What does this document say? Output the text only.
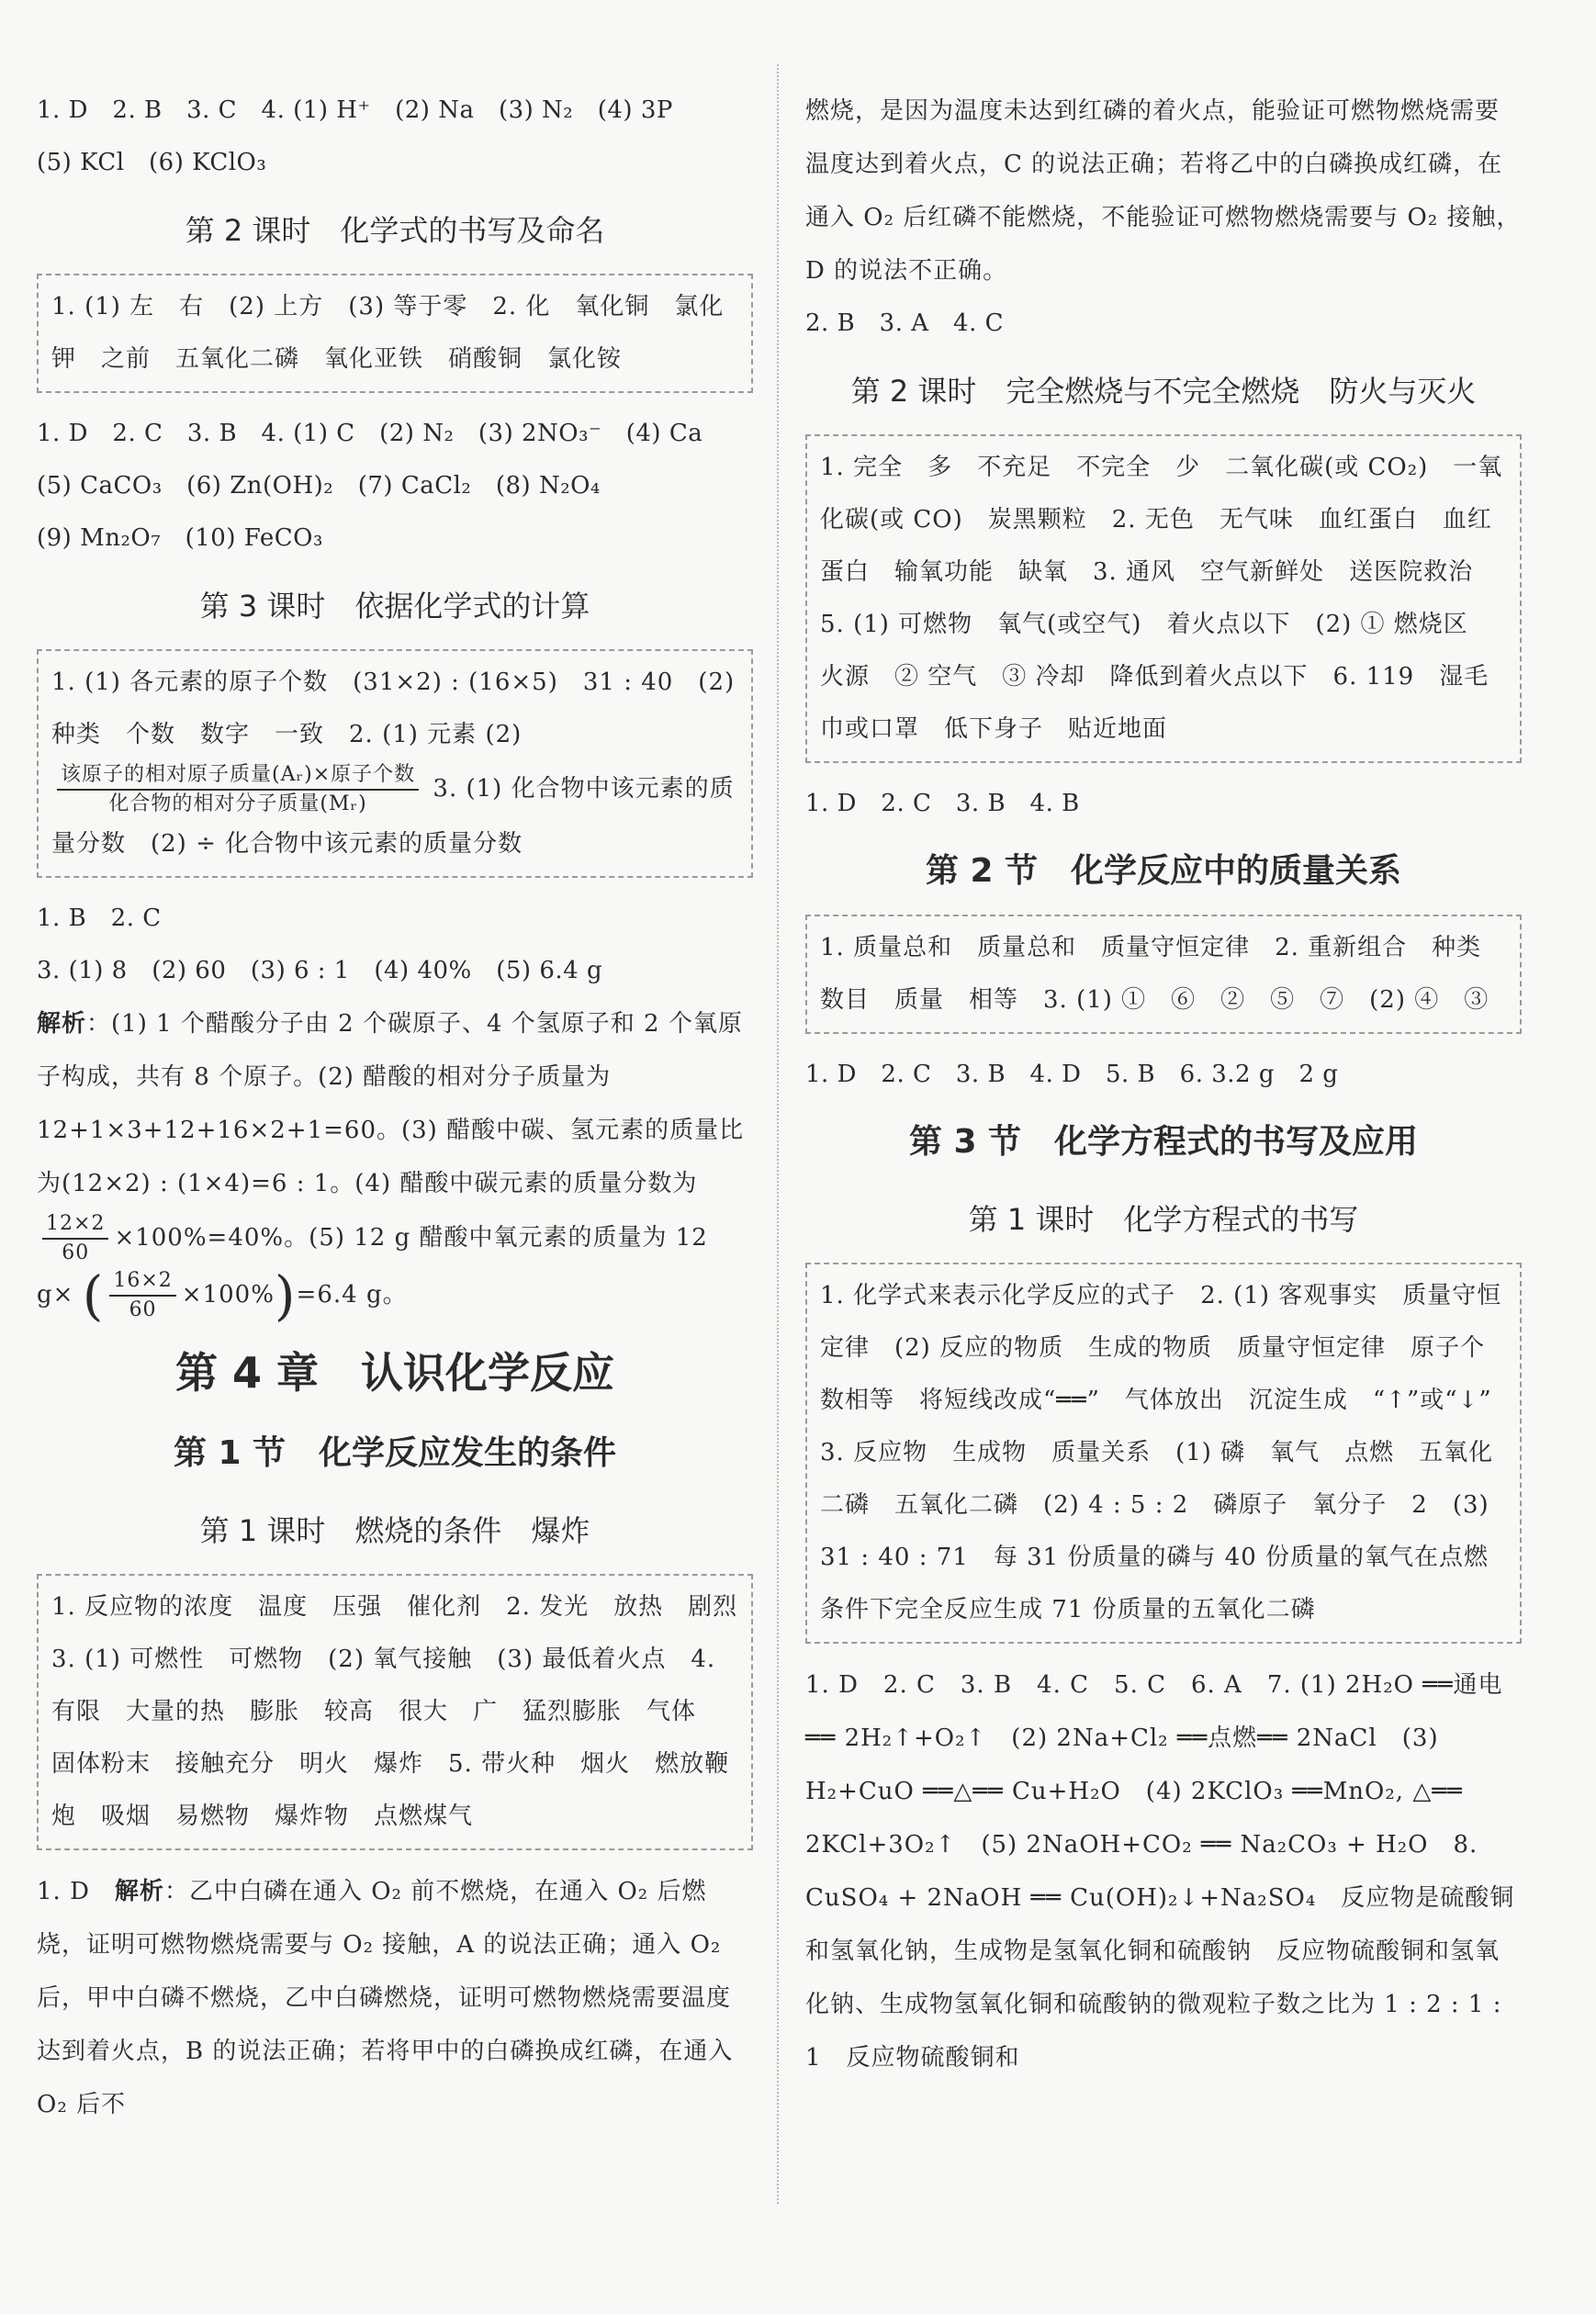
1. D　2. B　3. C　4. (1) H⁺　(2) Na　(3) N₂　(4) 3P
(5) KCl　(6) KClO₃
第 2 课时　化学式的书写及命名
1. (1) 左　右　(2) 上方　(3) 等于零　2. 化　氧化铜　氯化钾　之前　五氧化二磷　氧化亚铁　硝酸铜　氯化铵
1. D　2. C　3. B　4. (1) C　(2) N₂　(3) 2NO₃⁻　(4) Ca
(5) CaCO₃　(6) Zn(OH)₂　(7) CaCl₂　(8) N₂O₄
(9) Mn₂O₇　(10) FeCO₃
第 3 课时　依据化学式的计算
1. (1) 各元素的原子个数　(31×2) : (16×5)　31 : 40　(2) 种类　个数　数字　一致　2. (1) 元素 (2)
$\frac{\text{该原子的相对原子质量(Aᵣ)×原子个数}}{\text{化合物的相对分子质量(Mᵣ)}} 3$. (1) 化合物中该元素的质量分数　(2) ÷ 化合物中该元素的质量分数
1. B　2. C
3. (1) 8　(2) 60　(3) 6 : 1　(4) 40%　(5) 6.4 g
解析：(1) 1 个醋酸分子由 2 个碳原子、4 个氢原子和 2 个氧原子构成，共有 8 个原子。(2) 醋酸的相对分子质量为 12+1×3+12+16×2+1=60。(3) 醋酸中碳、氢元素的质量比为(12×2) : (1×4)=6 : 1。(4) 醋酸中碳元素的质量分数为
$\frac{12\times 2}{60} \times 100\%=40\%$。(5) 12 g 醋酸中氧元素的质量为 12 g× ( $\frac{16\times 2}{60} \times 100\%)=6.4$ g。
第 4 章　认识化学反应
第 1 节　化学反应发生的条件
第 1 课时　燃烧的条件　爆炸
1. 反应物的浓度　温度　压强　催化剂　2. 发光　放热　剧烈　3. (1) 可燃性　可燃物　(2) 氧气接触　(3) 最低着火点　4. 有限　大量的热　膨胀　较高　很大　广　猛烈膨胀　气体　固体粉末　接触充分　明火　爆炸　5. 带火种　烟火　燃放鞭炮　吸烟　易燃物　爆炸物　点燃煤气
1. D　解析：乙中白磷在通入 O₂ 前不燃烧，在通入 O₂ 后燃烧，证明可燃物燃烧需要与 O₂ 接触，A 的说法正确；通入 O₂ 后，甲中白磷不燃烧，乙中白磷燃烧，证明可燃物燃烧需要温度达到着火点，B 的说法正确；若将甲中的白磷换成红磷，在通入 O₂ 后不
燃烧，是因为温度未达到红磷的着火点，能验证可燃物燃烧需要温度达到着火点，C 的说法正确；若将乙中的白磷换成红磷，在通入 O₂ 后红磷不能燃烧，不能验证可燃物燃烧需要与 O₂ 接触，D 的说法不正确。
2. B　3. A　4. C
第 2 课时　完全燃烧与不完全燃烧　防火与灭火
1. 完全　多　不充足　不完全　少　二氧化碳(或 CO₂)　一氧化碳(或 CO)　炭黑颗粒　2. 无色　无气味　血红蛋白　血红蛋白　输氧功能　缺氧　3. 通风　空气新鲜处　送医院救治　5. (1) 可燃物　氧气(或空气)　着火点以下　(2) ① 燃烧区　火源　② 空气　③ 冷却　降低到着火点以下　6. 119　湿毛巾或口罩　低下身子　贴近地面
1. D　2. C　3. B　4. B
第 2 节　化学反应中的质量关系
1. 质量总和　质量总和　质量守恒定律　2. 重新组合　种类　数目　质量　相等　3. (1) ①　⑥　②　⑤　⑦　(2) ④　③
1. D　2. C　3. B　4. D　5. B　6. 3.2 g　2 g
第 3 节　化学方程式的书写及应用
第 1 课时　化学方程式的书写
1. 化学式来表示化学反应的式子　2. (1) 客观事实　质量守恒定律　(2) 反应的物质　生成的物质　质量守恒定律　原子个数相等　将短线改成“══”　气体放出　沉淀生成　“↑”或“↓”　3. 反应物　生成物　质量关系　(1) 磷　氧气　点燃　五氧化二磷　五氧化二磷　(2) 4 : 5 : 2　磷原子　氧分子　2　(3) 31 : 40 : 71　每 31 份质量的磷与 40 份质量的氧气在点燃条件下完全反应生成 71 份质量的五氧化二磷
1. D　2. C　3. B　4. C　5. C　6. A　7. (1) 2H₂O ══通电══ 2H₂↑+O₂↑　(2) 2Na+Cl₂ ══点燃══ 2NaCl　(3) H₂+CuO ══△══ Cu+H₂O　(4) 2KClO₃ ══MnO₂, △══ 2KCl+3O₂↑　(5) 2NaOH+CO₂ ══ Na₂CO₃ + H₂O　8. CuSO₄ + 2NaOH ══ Cu(OH)₂↓+Na₂SO₄　反应物是硫酸铜和氢氧化钠，生成物是氢氧化铜和硫酸钠　反应物硫酸铜和氢氧化钠、生成物氢氧化铜和硫酸钠的微观粒子数之比为 1 : 2 : 1 : 1　反应物硫酸铜和
